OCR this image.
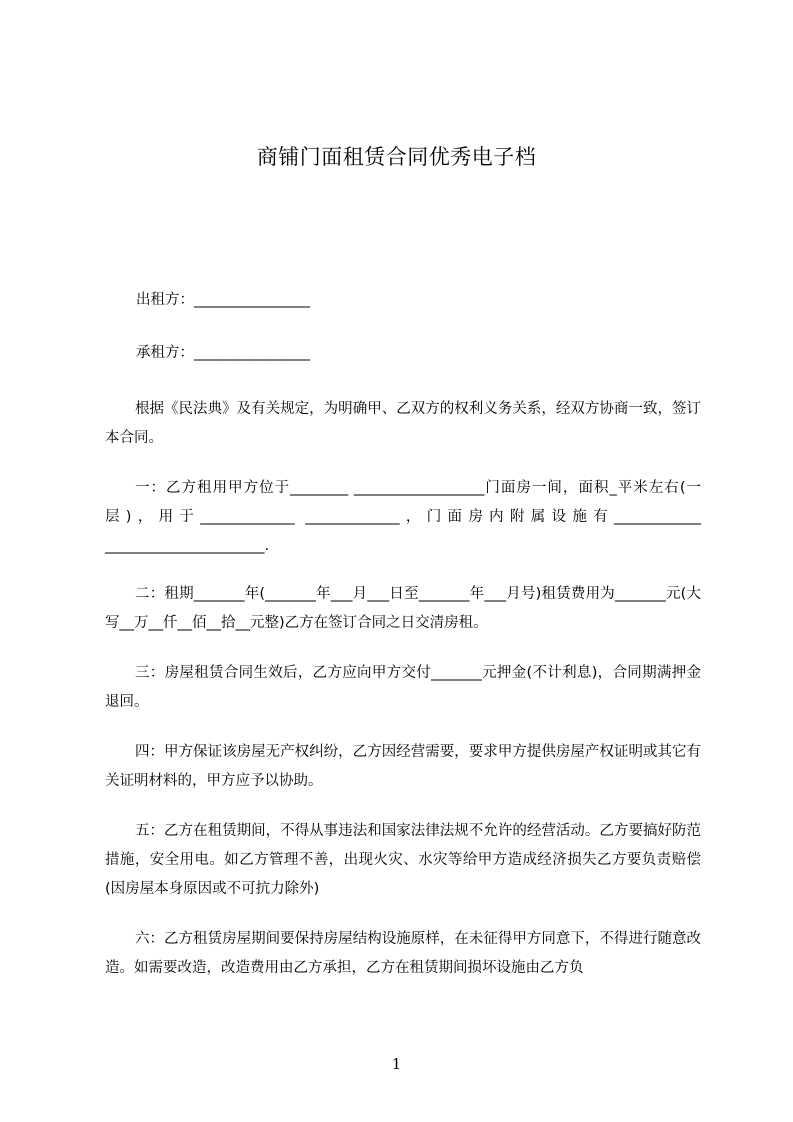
商铺门面租赁合同优秀电子档
出租方：________________
承租方：________________

根据《民法典》及有关规定，为明确甲、乙双方的权利义务关系，经双方协商一致，签订本合同。

一：乙方租用甲方位于________ __________________门面房一间，面积_平米左右(一层)，用于_____________ _____________，门面房内附属设施有____________ ______________________.

二：租期_______年(_______年___月___日至_______年___月号)租赁费用为_______元(大写__万__仟__佰__拾__元整)乙方在签订合同之日交清房租。

三：房屋租赁合同生效后，乙方应向甲方交付_______元押金(不计利息)，合同期满押金退回。

四：甲方保证该房屋无产权纠纷，乙方因经营需要，要求甲方提供房屋产权证明或其它有关证明材料的，甲方应予以协助。

五：乙方在租赁期间，不得从事违法和国家法律法规不允许的经营活动。乙方要搞好防范措施，安全用电。如乙方管理不善，出现火灾、水灾等给甲方造成经济损失乙方要负责赔偿(因房屋本身原因或不可抗力除外)

六：乙方租赁房屋期间要保持房屋结构设施原样，在未征得甲方同意下，不得进行随意改造。如需要改造，改造费用由乙方承担，乙方在租赁期间损坏设施由乙方负

1
